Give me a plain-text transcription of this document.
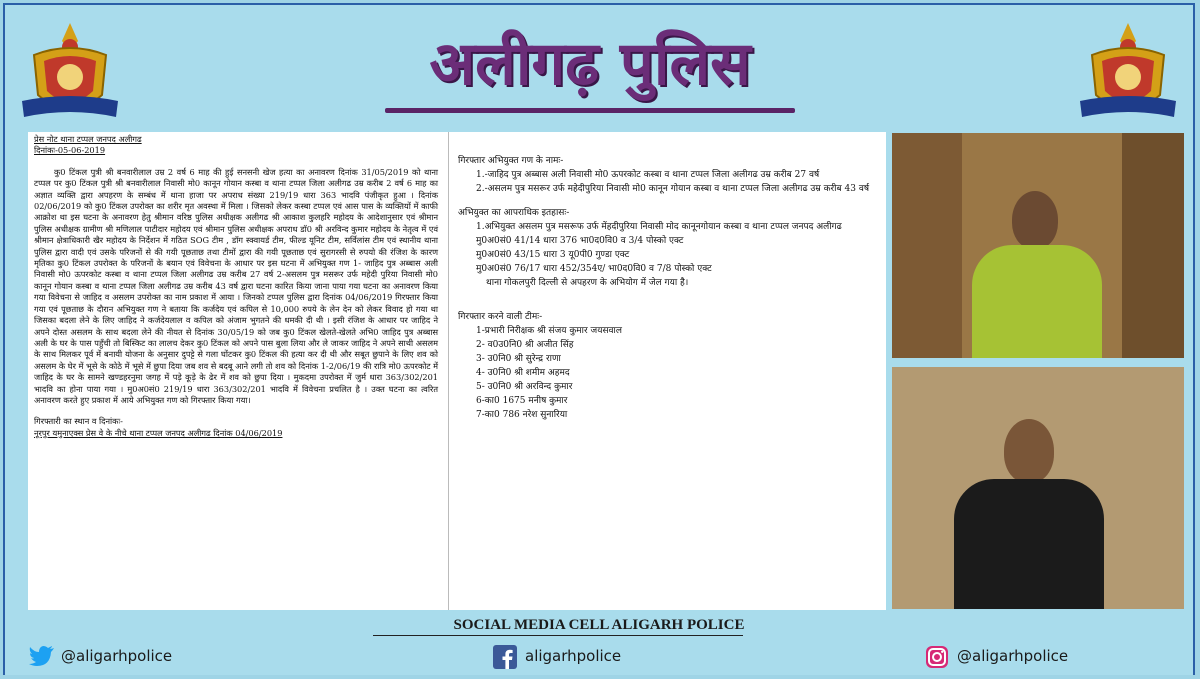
अलीगढ़ पुलिस

प्रेस नोट थाना टप्पल जनपद अलीगढ

दिनांकः-05-06-2019

कु0 टिंकल पुत्री श्री बनवारीलाल उम्र 2 वर्ष 6 माह की हुई सनसनी खेज हत्या का अनावरण दिनांक 31/05/2019 को थाना टप्पल पर कु0 टिंकल पुत्री श्री बनवारीलाल निवासी मो0 कानून गोयान कस्बा व थाना टप्पल जिला अलीगढ उम्र करीब 2 वर्ष 6 माह का अज्ञात व्यक्ति द्वारा अपहरण के सम्बंध में थाना हाजा पर अपराध संख्या 219/19 धारा 363 भादवि पंजीकृत हुआ । दिनांक 02/06/2019 को कु0 टिंकल उपरोक्त का शरीर मृत अवस्था में मिला । जिसको लेकर कस्बा टप्पल एवं आस पास के व्यक्तियों में काफी आक्रोश था इस घटना के अनावरण हेतु श्रीमान वरिष्ठ पुलिस अधीक्षक अलीगढ श्री आकाश कुलहरि महोदय के आदेशानुसार एवं श्रीमान पुलिस अधीक्षक ग्रामीण श्री मणिलाल पाटीदार महोदय एवं श्रीमान पुलिस अधीक्षक अपराध डॉ0 श्री अरविन्द कुमार महोदय के नेतृत्व में एवं श्रीमान क्षेत्राधिकारी खैर महोदय के निर्देशन में गठित SOG टीम , डॉग स्क्वायर्ड टीम, फील्ड यूनिट टीम, सर्विलांस टीम एवं स्थानीय थाना पुलिस द्वारा वादी एवं उसके परिजनों से की गयी पूछताछ तथा टीमों द्वारा की गयी पूछताछ एवं सुरागरसी से रुपयो की रंजिश के कारण मृतिका कु0 टिंकल उपरोक्त के परिजनों के बयान एवं विवेचना के आधार पर इस घटना में अभियुक्त गण 1- जाहिद पुत्र अब्बास अली निवासी मो0 ऊपरकोट कस्बा व थाना टप्पल जिला अलीगढ उम्र करीब 27 वर्ष 2-असलम पुत्र मसरूर उर्फ महेदी पुरिया निवासी मो0 कानून गोयान कस्बा व थाना टप्पल जिला अलीगढ उम्र करीब 43 वर्ष द्वारा घटना कारित किया जाना पाया गया घटना का अनावरण किया गया विवेचना से जाहिद व असलम उपरोक्त का नाम प्रकाश में आया । जिनको टप्पल पुलिस द्वारा दिनांक 04/06/2019 गिरफ्तार किया गया एवं पूछताछ के दौरान अभियुक्त गण ने बताया कि कर्जदेय एवं कपिल से 10,000 रुपये के लेन देन को लेकर विवाद हो गया था जिसका बदला लेने के लिए जाहिद ने कर्जदेयलाल व कपिल को अंजाम भुगतने की धमकी दी थी । इसी रंजिश के आधार पर जाहिद ने अपने दोस्त असलम के साथ बदला लेने की नीयत से दिनांक 30/05/19 को जब कु0 टिंकल खेलते-खेलते अभि0 जाहिद पुत्र अब्बास अली के घर के पास पहुँची तो बिस्किट का लालच देकर कु0 टिंकल को अपने पास बुला लिया और ले जाकर जाहिद ने अपने साथी असलम के साथ मिलकर पूर्व में बनायी योजना के अनुसार दुपट्टे से गला घोंटकर कु0 टिंकल की हत्या कर दी थी और सबूत छुपाने के लिए शव को असलम के घेर में भूसे के कोठे में भूसे में छुपा दिया जब शव से बदबू आने लगी तो शव को दिनांक 1-2/06/19 की रात्रि मो0 ऊपरकोट में जाहिद के घर के सामने खण्डहरनुमा जगह में पड़े कूड़े के ढेर में शव को छुपा दिया । मुकदमा उपरोक्त में जुर्म धारा 363/302/201 भादवि का होना पाया गया । मु0अ0सं0 219/19 धारा 363/302/201 भादवि में विवेचना प्रचलित है । उक्त घटना का त्वरित अनावरण करते हुए प्रकाश में आये अभियुक्त गण को गिरफ्तार किया गया।

गिरफ्तारी का स्थान व दिनांकः-

नूरपुर यमुनाएक्स प्रेस वे के नीचे थाना टप्पल जनपद अलीगढ दिनांक 04/06/2019

गिरफ्तार अभियुक्त गण के नामः-

1.-जाहिद पुत्र अब्बास अली निवासी मो0 ऊपरकोट कस्बा व थाना टप्पल जिला अलीगढ उम्र करीब 27 वर्ष

2.-असलम पुत्र मसरूर उर्फ महेदीपुरिया निवासी मो0 कानून गोयान कस्बा व थाना टप्पल जिला अलीगढ उम्र करीब 43 वर्ष

अभियुक्त का आपराधिक इतहासः-

1.अभियुक्त असलम पुत्र मसरूफ उर्फ मेंहदीपुरिया निवासी मोद कानूनगोयान कस्बा व थाना टप्पल जनपद अलीगढ

मु0अ0सं0 41/14 धारा 376 भा0द0वि0 व 3/4 पोस्को एक्ट

मु0अ0सं0 43/15 धारा 3 यू0पी0 गुण्डा एक्ट

मु0अ0सं0 76/17 धारा 452/354ए/ भा0द0वि0 व 7/8 पोस्को एक्ट

थाना गोकलपुरी दिल्ली से अपहरण के अभियोग में जेल गया है।

गिरफ्तार करने वाली टीमः-

1-प्रभारी निरीक्षक श्री संजय कुमार जयसवाल

2- व0उ0नि0 श्री अजीत सिंह

3- उ0नि0 श्री सुरेन्द्र राणा

4- उ0नि0 श्री शमीम अहमद

5- उ0नि0 श्री अरविन्द कुमार

6-का0 1675 मनीष कुमार

7-का0 786 नरेश सुनारिया

SOCIAL MEDIA CELL ALIGARH POLICE
@aligarhpolice	aligarhpolice	@aligarhpolice
